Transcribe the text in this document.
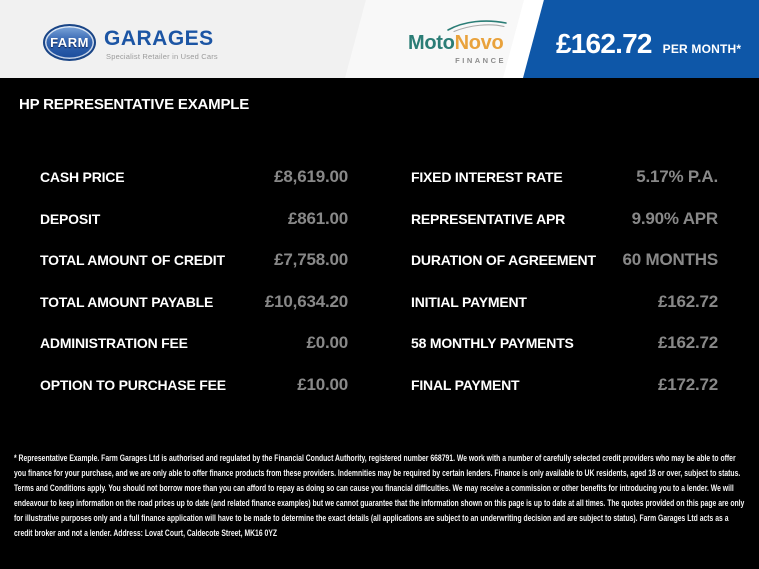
FARM GARAGES
Specialist Retailer in Used Cars
MotoNovo
FINANCE
£162.72 PER MONTH*
HP REPRESENTATIVE EXAMPLE
CASH PRICE	£8,619.00
DEPOSIT	£861.00
TOTAL AMOUNT OF CREDIT	£7,758.00
TOTAL AMOUNT PAYABLE	£10,634.20
ADMINISTRATION FEE	£0.00
OPTION TO PURCHASE FEE	£10.00
FIXED INTEREST RATE	5.17% P.A.
REPRESENTATIVE APR	9.90% APR
DURATION OF AGREEMENT 60 MONTHS
INITIAL PAYMENT	£162.72
58 MONTHLY PAYMENTS	£162.72
FINAL PAYMENT	£172.72
* Representative Example. Farm Garages Ltd is authorised and regulated by the Financial Conduct Authority, registered number 668791. We work with a number of carefully selected credit providers who may be able to offer you finance for your purchase, and we are only able to offer finance products from these providers. Indemnities may be required by certain lenders. Finance is only available to UK residents, aged 18 or over, subject to status. Terms and Conditions apply. You should not borrow more than you can afford to repay as doing so can cause you financial difficulties. We may receive a commission or other benefits for introducing you to a lender. We will endeavour to keep information on the road prices up to date (and related finance examples) but we cannot guarantee that the information shown on this page is up to date at all times. The quotes provided on this page are only for illustrative purposes only and a full finance application will have to be made to determine the exact details (all applications are subject to an underwriting decision and are subject to status). Farm Garages Ltd acts as a credit broker and not a lender. Address: Lovat Court, Caldecote Street, MK16 0YZ
